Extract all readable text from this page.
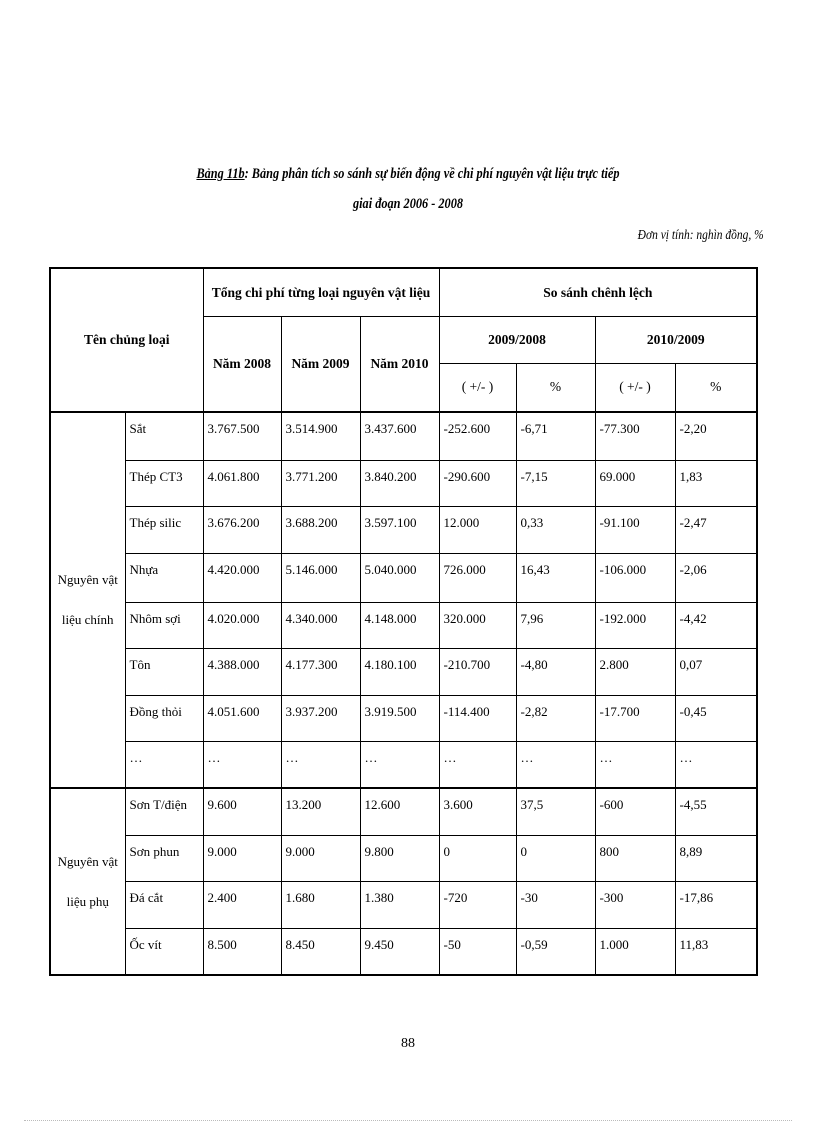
Bảng 11b: Bảng phân tích so sánh sự biến động về chi phí nguyên vật liệu trực tiếp
giai đoạn 2006 - 2008
Đơn vị tính: nghìn đồng, %
Tên chủng loại		Tổng chi phí từng loại nguyên vật liệu			So sánh chênh lệch			
		Năm 2008	Năm 2009	Năm 2010	2009/2008		2010/2009	
					( +/- )	%	( +/- )	%
Nguyên vật liệu chính	Sắt	3.767.500	3.514.900	3.437.600	-252.600	-6,71	-77.300	-2,20
	Thép CT3	4.061.800	3.771.200	3.840.200	-290.600	-7,15	69.000	1,83
	Thép silic	3.676.200	3.688.200	3.597.100	12.000	0,33	-91.100	-2,47
	Nhựa	4.420.000	5.146.000	5.040.000	726.000	16,43	-106.000	-2,06
	Nhôm sợi	4.020.000	4.340.000	4.148.000	320.000	7,96	-192.000	-4,42
	Tôn	4.388.000	4.177.300	4.180.100	-210.700	-4,80	2.800	0,07
	Đồng thỏi	4.051.600	3.937.200	3.919.500	-114.400	-2,82	-17.700	-0,45
	…	…	…	…	…	…	…	…
Nguyên vật liệu phụ	Sơn T/điện	9.600	13.200	12.600	3.600	37,5	-600	-4,55
	Sơn phun	9.000	9.000	9.800	0	0	800	8,89
	Đá cắt	2.400	1.680	1.380	-720	-30	-300	-17,86
	Ốc vít	8.500	8.450	9.450	-50	-0,59	1.000	11,83
88
